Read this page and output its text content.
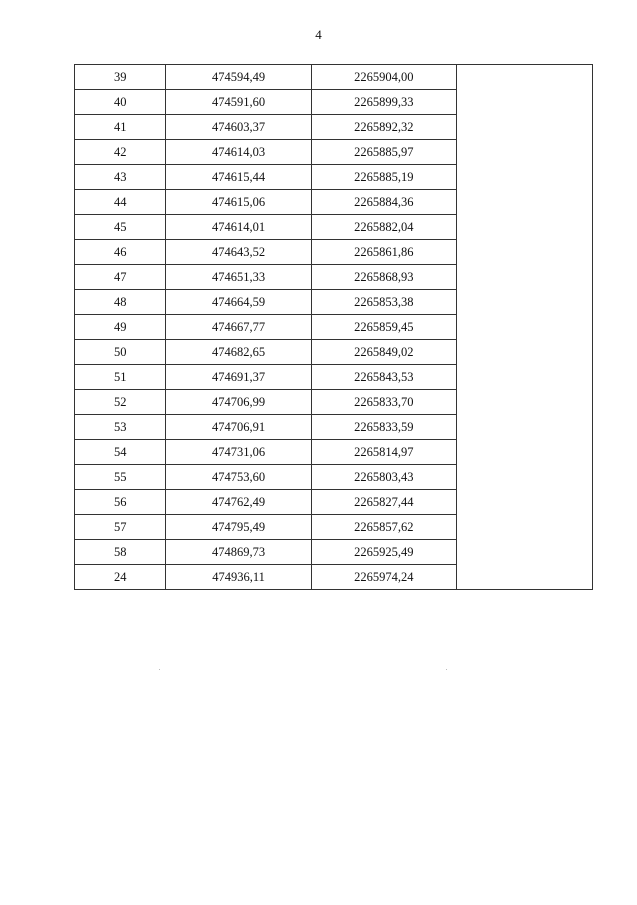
4
39	474594,49	2265904,00	
40	474591,60	2265899,33	
41	474603,37	2265892,32	
42	474614,03	2265885,97	
43	474615,44	2265885,19	
44	474615,06	2265884,36	
45	474614,01	2265882,04	
46	474643,52	2265861,86	
47	474651,33	2265868,93	
48	474664,59	2265853,38	
49	474667,77	2265859,45	
50	474682,65	2265849,02	
51	474691,37	2265843,53	
52	474706,99	2265833,70	
53	474706,91	2265833,59	
54	474731,06	2265814,97	
55	474753,60	2265803,43	
56	474762,49	2265827,44	
57	474795,49	2265857,62	
58	474869,73	2265925,49	
24	474936,11	2265974,24	
